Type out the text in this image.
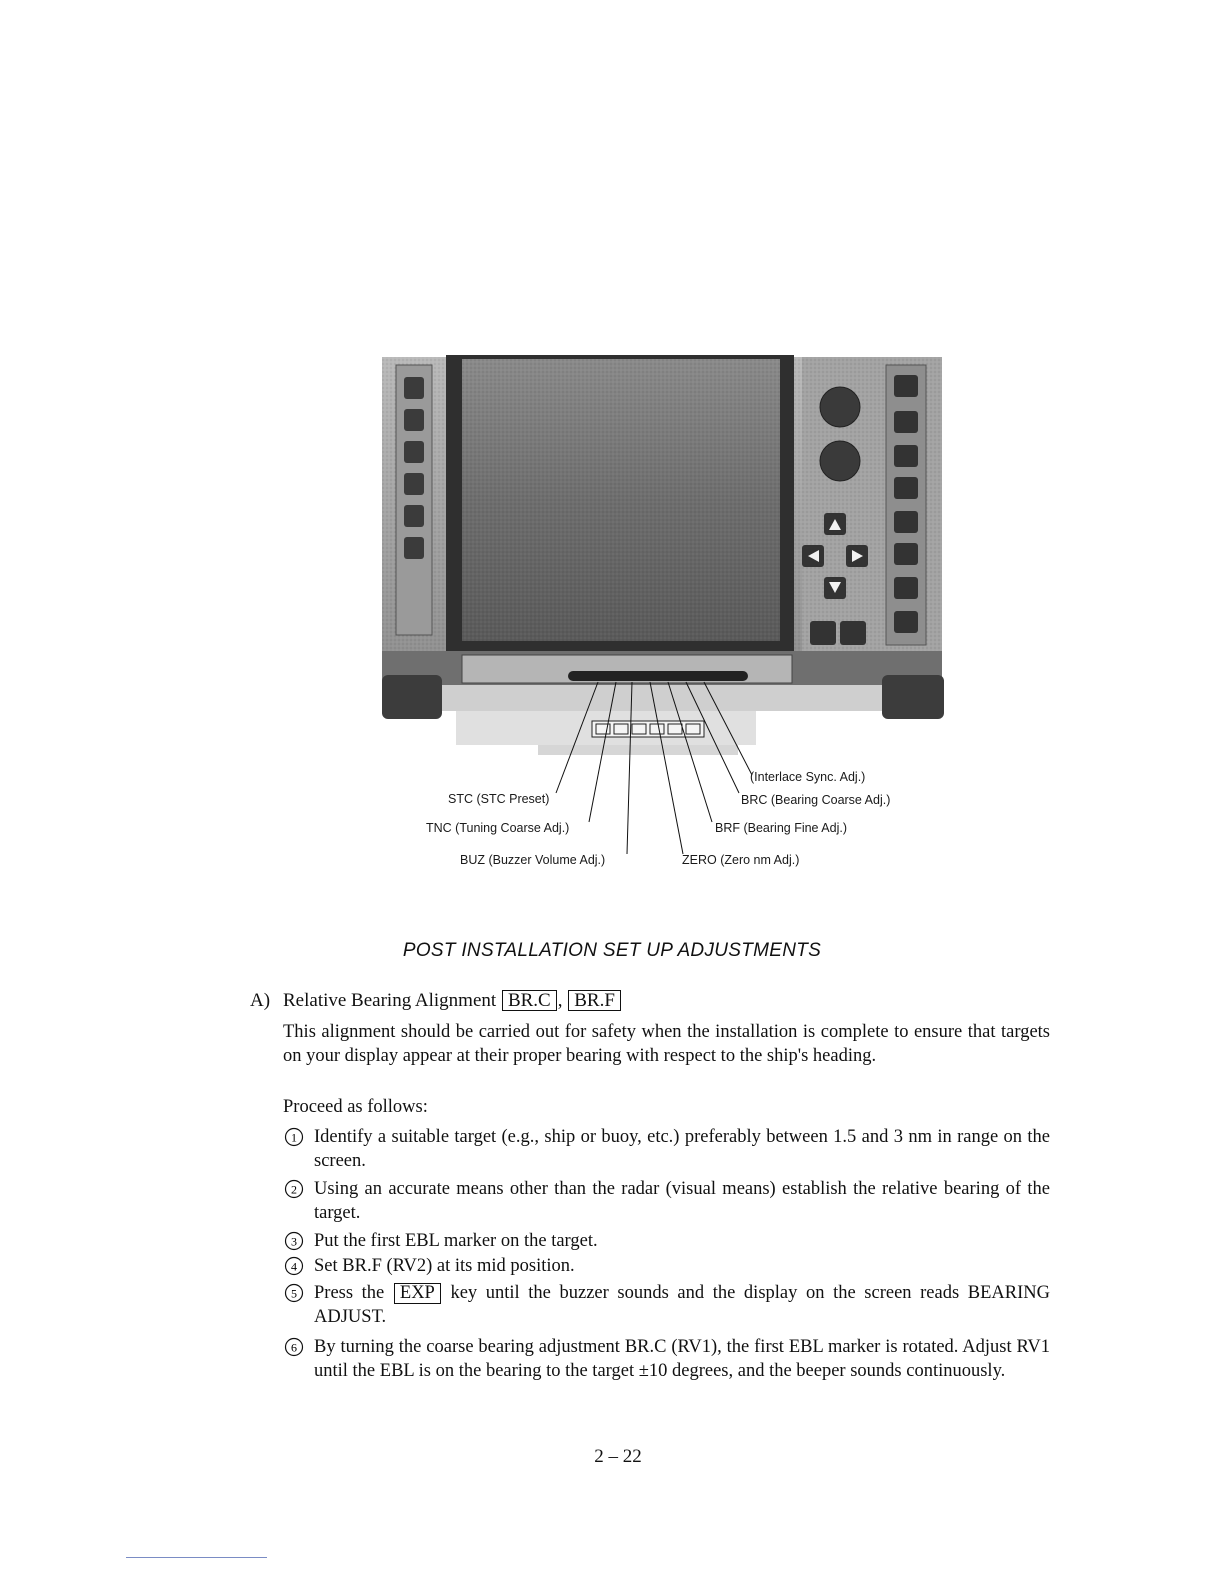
(Interlace Sync. Adj.)
STC (STC Preset)	BRC (Bearing Coarse Adj.)
TNC (Tuning Coarse Adj.)	BRF (Bearing Fine Adj.)
BUZ (Buzzer Volume Adj.)	ZERO (Zero nm Adj.)
POST INSTALLATION SET UP ADJUSTMENTS
A) Relative Bearing Alignment BR.C , BR.F
This alignment should be carried out for safety when the installation is complete to ensure that targets on your display appear at their proper bearing with respect to the ship's heading.
Proceed as follows:
1 Identify a suitable target (e.g., ship or buoy, etc.) preferably between 1.5 and 3 nm in range on the screen.
2 Using an accurate means other than the radar (visual means) establish the relative bearing of the target.
3 Put the first EBL marker on the target.
4 Set BR.F (RV2) at its mid position.
5 Press the EXP key until the buzzer sounds and the display on the screen reads BEARING ADJUST.
6 By turning the coarse bearing adjustment BR.C (RV1), the first EBL marker is rotated. Adjust RV1 until the EBL is on the bearing to the target ±10 degrees, and the beeper sounds continuously.
2 – 22
